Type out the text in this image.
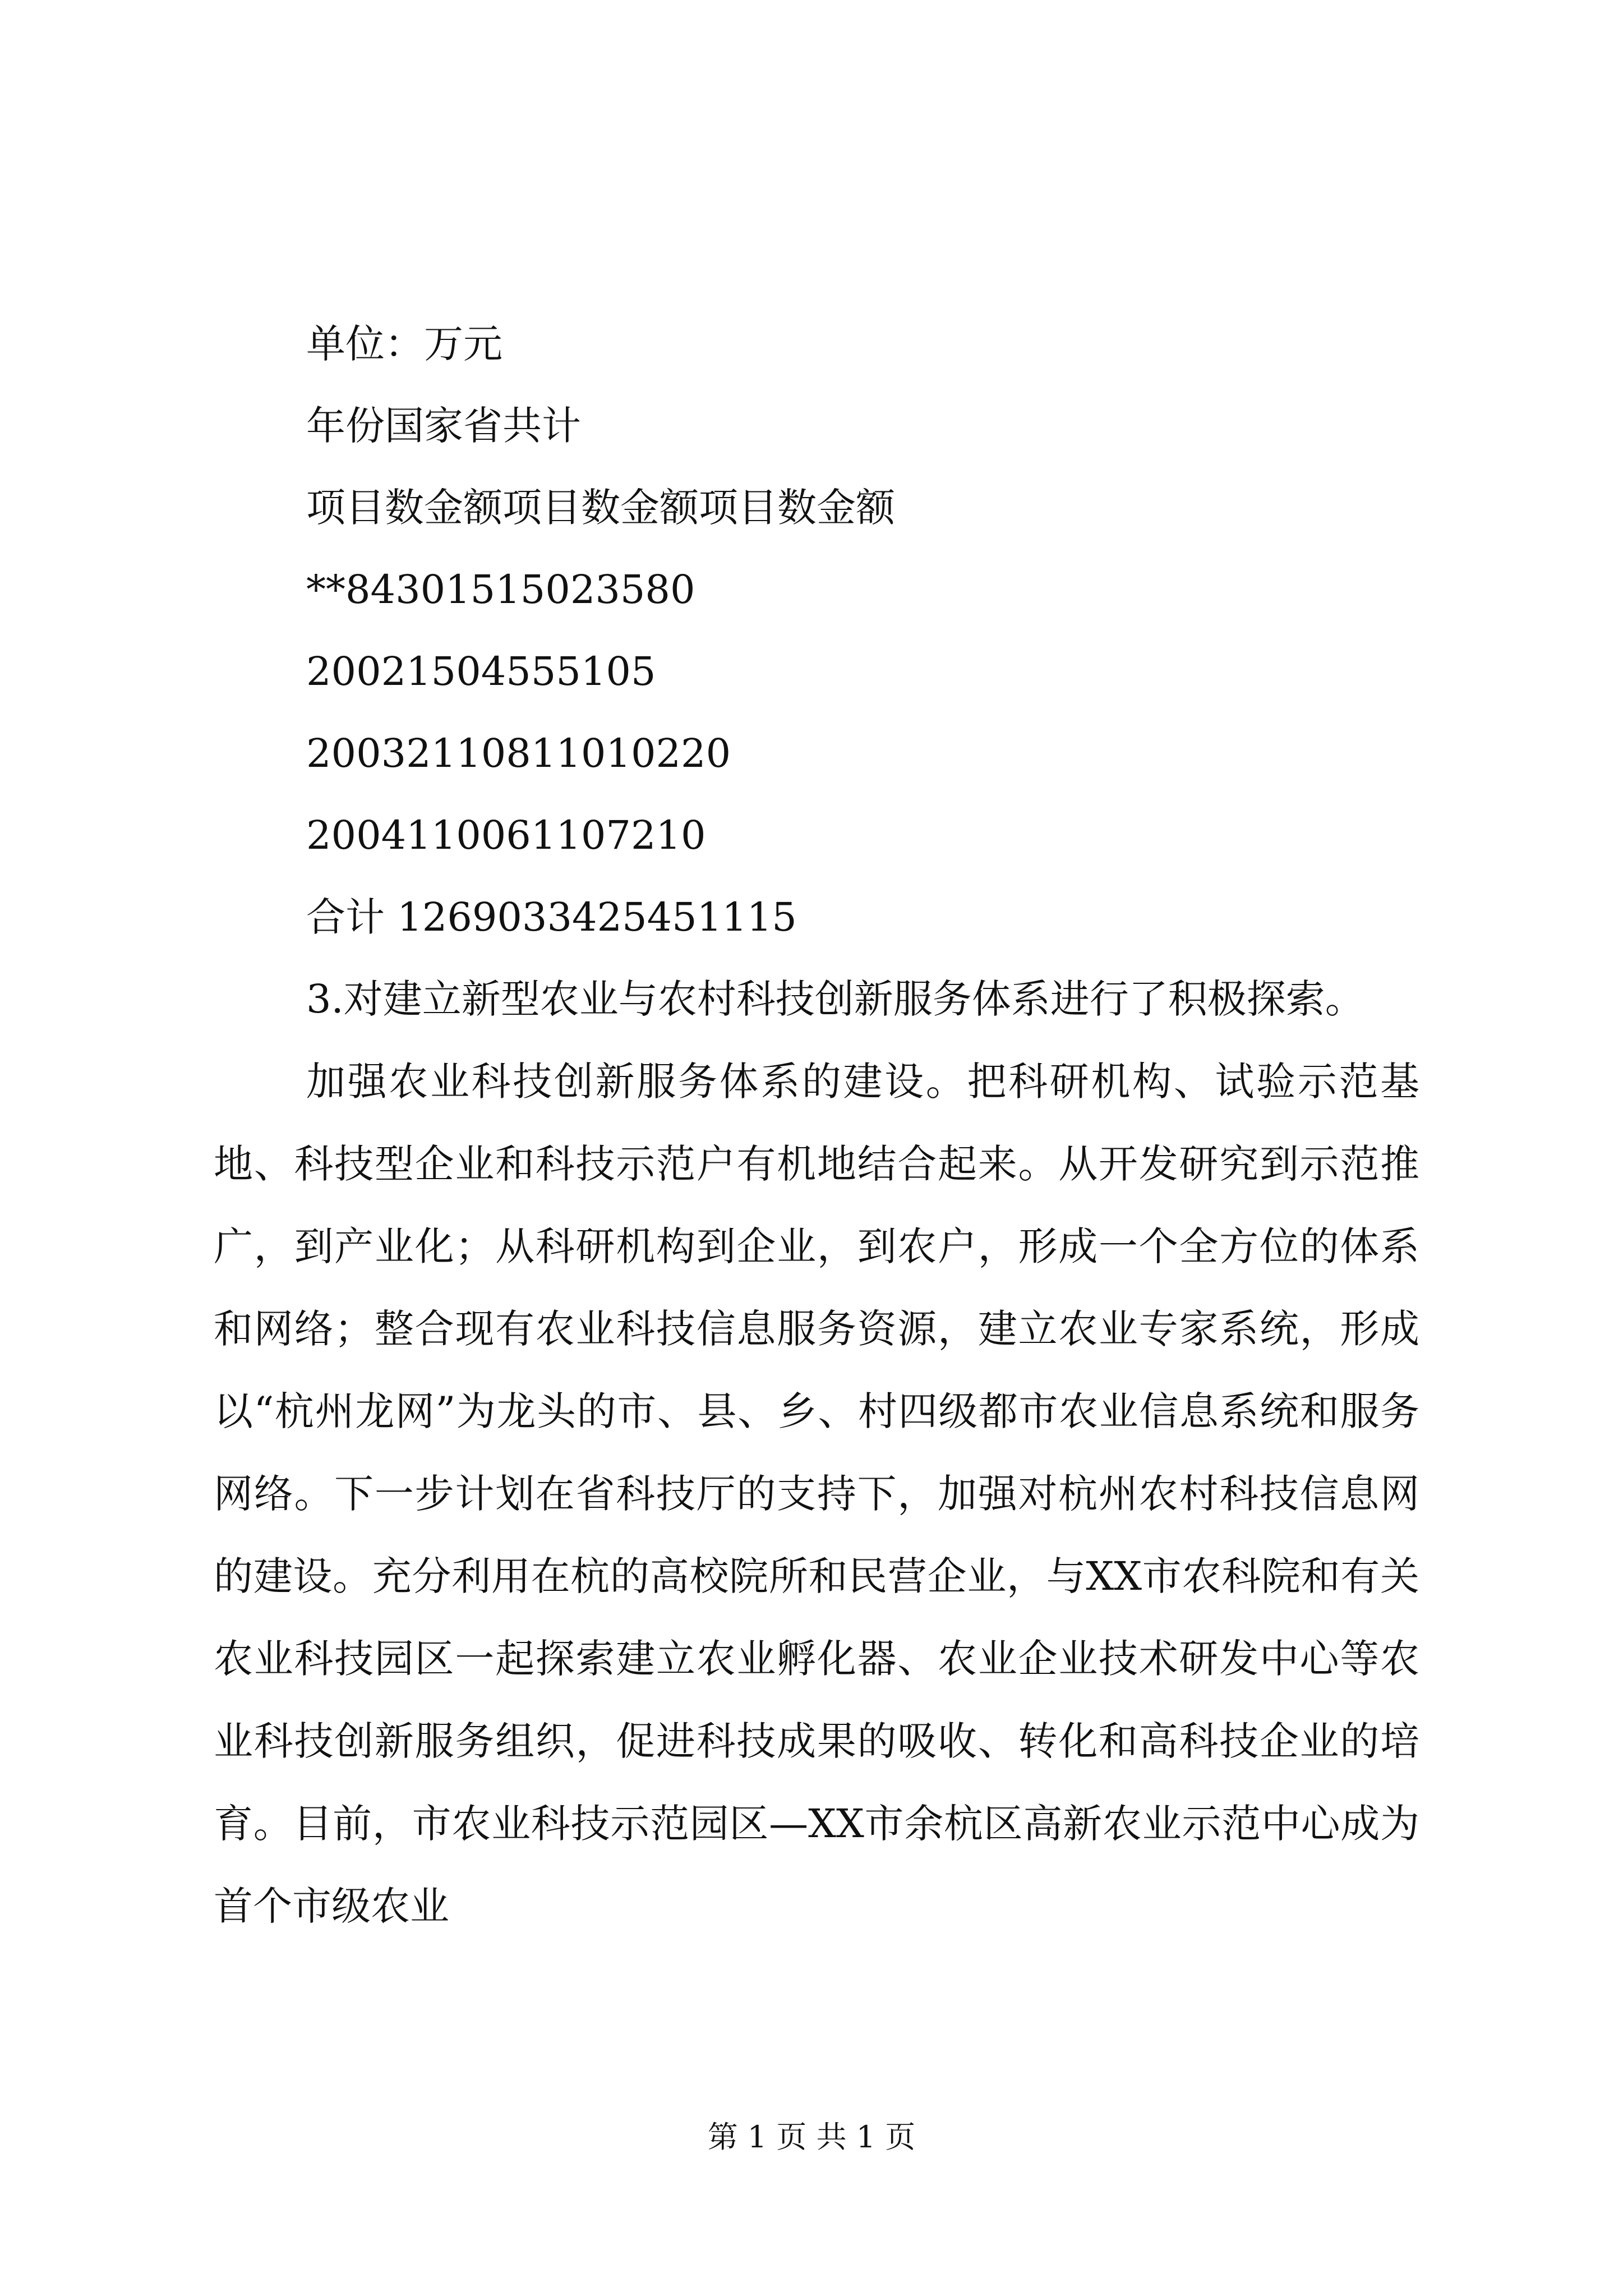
单位：万元
年份国家省共计
项目数金额项目数金额项目数金额
**84301515023580
20021504555105
20032110811010220
2004110061107210
合计 1269033425451115

3.对建立新型农业与农村科技创新服务体系进行了积极探索。

加强农业科技创新服务体系的建设。把科研机构、试验示范基地、科技型企业和科技示范户有机地结合起来。从开发研究到示范推广，到产业化；从科研机构到企业，到农户，形成一个全方位的体系和网络；整合现有农业科技信息服务资源，建立农业专家系统，形成以“杭州龙网”为龙头的市、县、乡、村四级都市农业信息系统和服务网络。下一步计划在省科技厅的支持下，加强对杭州农村科技信息网的建设。充分利用在杭的高校院所和民营企业，与XX市农科院和有关农业科技园区一起探索建立农业孵化器、农业企业技术研发中心等农业科技创新服务组织，促进科技成果的吸收、转化和高科技企业的培育。目前，市农业科技示范园区—XX市余杭区高新农业示范中心成为首个市级农业

第 1 页 共 1 页
